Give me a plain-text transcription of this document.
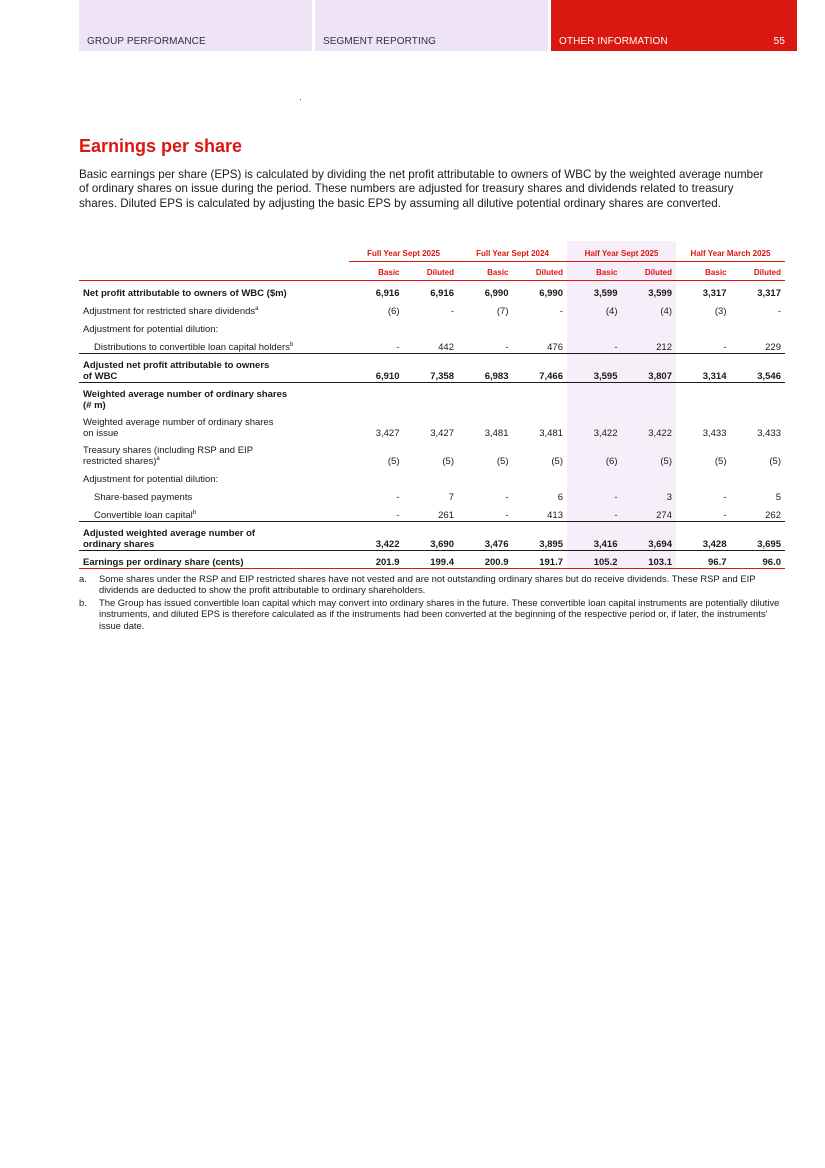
GROUP PERFORMANCE	SEGMENT REPORTING	OTHER INFORMATION	55
Earnings per share

Basic earnings per share (EPS) is calculated by dividing the net profit attributable to owners of WBC by the weighted average number of ordinary shares on issue during the period. These numbers are adjusted for treasury shares and dividends related to treasury shares. Diluted EPS is calculated by adjusting the basic EPS by assuming all dilutive potential ordinary shares are converted.

	Full Year Sept 2025		Full Year Sept 2024		Half Year Sept 2025		Half Year March 2025	
	Basic	Diluted	Basic	Diluted	Basic	Diluted	Basic	Diluted
Net profit attributable to owners of WBC ($m)	6,916	6,916	6,990	6,990	3,599	3,599	3,317	3,317
Adjustment for restricted share dividends$^a$	(6)	-	(7)	-	(4)	(4)	(3)	-
Adjustment for potential dilution:								
Distributions to convertible loan capital holders$^b$	-	442	-	476	-	212	-	229

Adjusted net profit attributable to owners
of WBC	6,910	7,358	6,983	7,466	3,595	3,807	3,314	3,546

Weighted average number of ordinary shares
(# m)								

Weighted average number of ordinary shares
on issue	3,427	3,427	3,481	3,481	3,422	3,422	3,433	3,433

Treasury shares (including RSP and EIP
restricted shares)$^a$	(5)	(5)	(5)	(5)	(6)	(5)	(5)	(5)
Adjustment for potential dilution:								
Share-based payments	-	7	-	6	-	3	-	5
Convertible loan capital$^b$	-	261	-	413	-	274	-	262

Adjusted weighted average number of
ordinary shares	3,422	3,690	3,476	3,895	3,416	3,694	3,428	3,695
Earnings per ordinary share (cents)	201.9	199.4	200.9	191.7	105.2	103.1	96.7	96.0
a.	Some shares under the RSP and EIP restricted shares have not vested and are not outstanding ordinary shares but do receive dividends. These RSP and EIP dividends are deducted to show the profit attributable to ordinary shareholders.
b.	The Group has issued convertible loan capital which may convert into ordinary shares in the future. These convertible loan capital instruments are potentially dilutive instruments, and diluted EPS is therefore calculated as if the instruments had been converted at the beginning of the respective period or, if later, the instruments' issue date.
